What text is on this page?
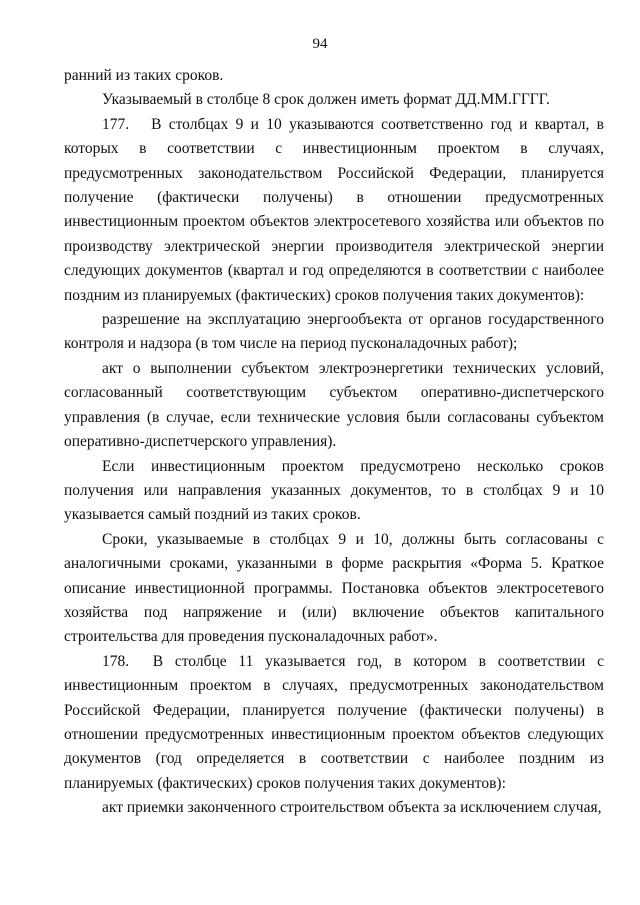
94

ранний из таких сроков.

Указываемый в столбце 8 срок должен иметь формат ДД.ММ.ГГГГ.

177.   В столбцах 9 и 10 указываются соответственно год и квартал, в которых в соответствии с инвестиционным проектом в случаях, предусмотренных законодательством Российской Федерации, планируется получение (фактически получены) в отношении предусмотренных инвестиционным проектом объектов электросетевого хозяйства или объектов по производству электрической энергии производителя электрической энергии следующих документов (квартал и год определяются в соответствии с наиболее поздним из планируемых (фактических) сроков получения таких документов):

разрешение на эксплуатацию энергообъекта от органов государственного контроля и надзора (в том числе на период пусконаладочных работ);

акт о выполнении субъектом электроэнергетики технических условий, согласованный соответствующим субъектом оперативно-диспетчерского управления (в случае, если технические условия были согласованы субъектом оперативно-диспетчерского управления).

Если инвестиционным проектом предусмотрено несколько сроков получения или направления указанных документов, то в столбцах 9 и 10 указывается самый поздний из таких сроков.

Сроки, указываемые в столбцах 9 и 10, должны быть согласованы с аналогичными сроками, указанными в форме раскрытия «Форма 5. Краткое описание инвестиционной программы. Постановка объектов электросетевого хозяйства под напряжение и (или) включение объектов капитального строительства для проведения пусконаладочных работ».

178.  В столбце 11 указывается год, в котором в соответствии с инвестиционным проектом в случаях, предусмотренных законодательством Российской Федерации, планируется получение (фактически получены) в отношении предусмотренных инвестиционным проектом объектов следующих документов (год определяется в соответствии с наиболее поздним из планируемых (фактических) сроков получения таких документов):

акт приемки законченного строительством объекта за исключением случая,
